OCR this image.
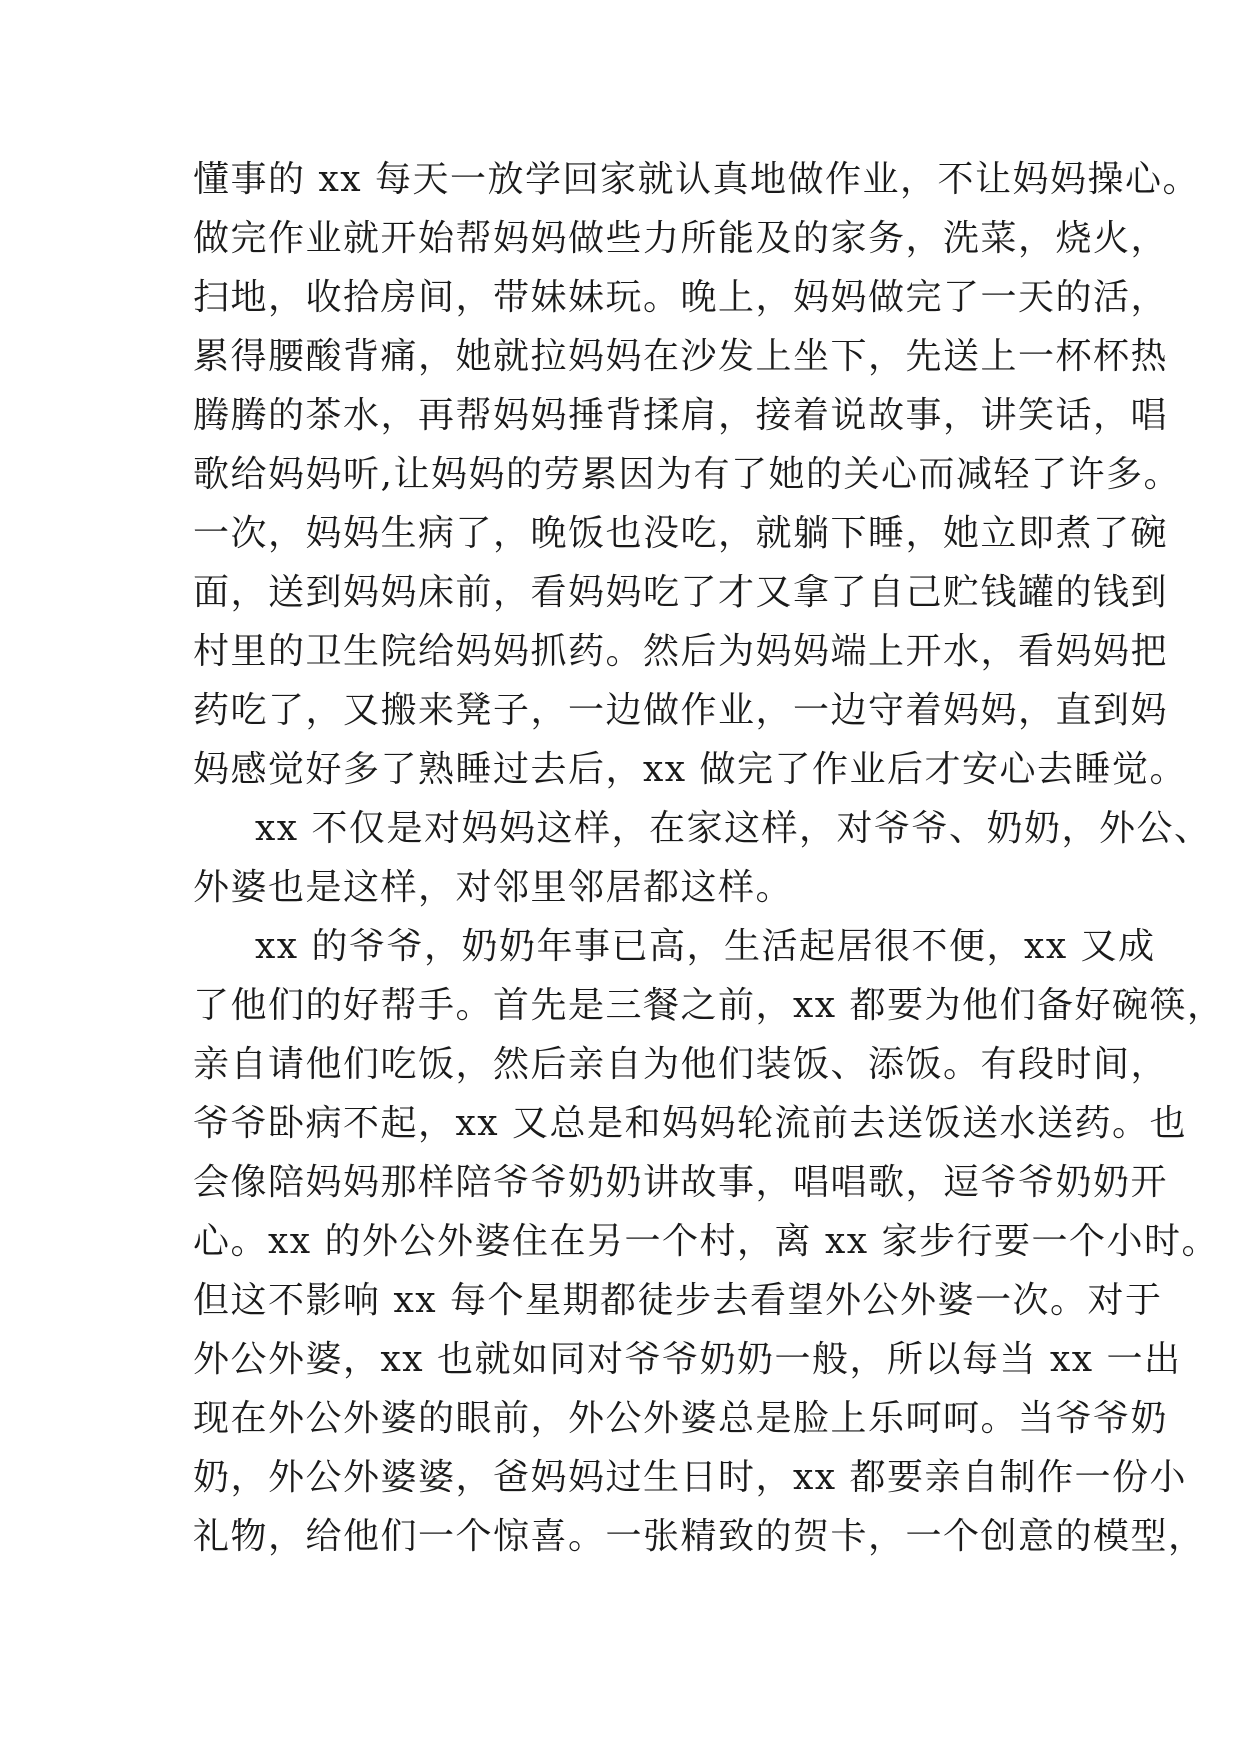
懂事的 xx 每天一放学回家就认真地做作业，不让妈妈操心。
做完作业就开始帮妈妈做些力所能及的家务，洗菜，烧火，
扫地，收拾房间，带妹妹玩。晚上，妈妈做完了一天的活，
累得腰酸背痛，她就拉妈妈在沙发上坐下，先送上一杯杯热
腾腾的茶水，再帮妈妈捶背揉肩，接着说故事，讲笑话，唱
歌给妈妈听,让妈妈的劳累因为有了她的关心而减轻了许多。
一次，妈妈生病了，晚饭也没吃，就躺下睡，她立即煮了碗
面，送到妈妈床前，看妈妈吃了才又拿了自己贮钱罐的钱到
村里的卫生院给妈妈抓药。然后为妈妈端上开水，看妈妈把
药吃了，又搬来凳子，一边做作业，一边守着妈妈，直到妈
妈感觉好多了熟睡过去后，xx 做完了作业后才安心去睡觉。
xx 不仅是对妈妈这样，在家这样，对爷爷、奶奶，外公、
外婆也是这样，对邻里邻居都这样。
xx 的爷爷，奶奶年事已高，生活起居很不便，xx 又成
了他们的好帮手。首先是三餐之前，xx 都要为他们备好碗筷，
亲自请他们吃饭，然后亲自为他们装饭、添饭。有段时间，
爷爷卧病不起，xx 又总是和妈妈轮流前去送饭送水送药。也
会像陪妈妈那样陪爷爷奶奶讲故事，唱唱歌，逗爷爷奶奶开
心。xx 的外公外婆住在另一个村，离 xx 家步行要一个小时。
但这不影响 xx 每个星期都徒步去看望外公外婆一次。对于
外公外婆，xx 也就如同对爷爷奶奶一般，所以每当 xx 一出
现在外公外婆的眼前，外公外婆总是脸上乐呵呵。当爷爷奶
奶，外公外婆婆，爸妈妈过生日时，xx 都要亲自制作一份小
礼物，给他们一个惊喜。一张精致的贺卡，一个创意的模型，
